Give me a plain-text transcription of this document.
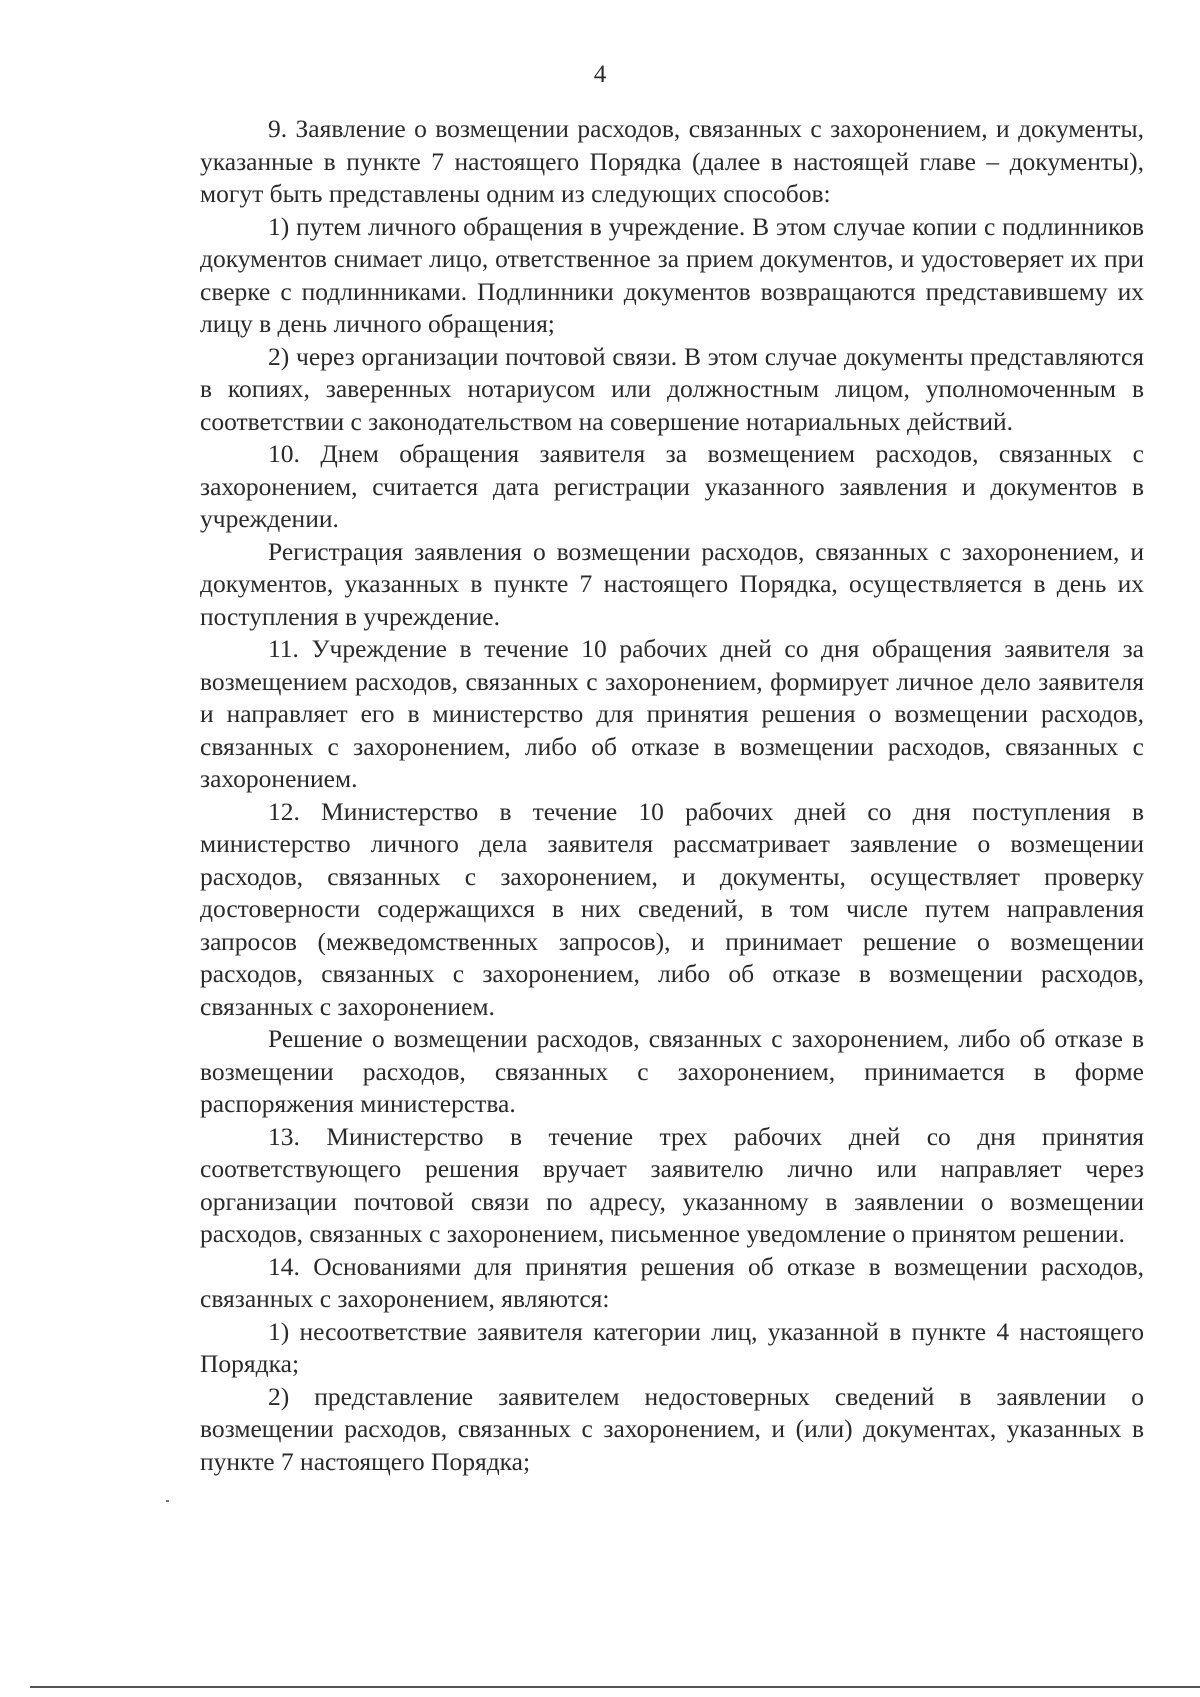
4

9. Заявление о возмещении расходов, связанных с захоронением, и документы, указанные в пункте 7 настоящего Порядка (далее в настоящей главе – документы), могут быть представлены одним из следующих способов:

1) путем личного обращения в учреждение. В этом случае копии с подлинников документов снимает лицо, ответственное за прием документов, и удостоверяет их при сверке с подлинниками. Подлинники документов возвращаются представившему их лицу в день личного обращения;

2) через организации почтовой связи. В этом случае документы представляются в копиях, заверенных нотариусом или должностным лицом, уполномоченным в соответствии с законодательством на совершение нотариальных действий.

10. Днем обращения заявителя за возмещением расходов, связанных с захоронением, считается дата регистрации указанного заявления и документов в учреждении.

Регистрация заявления о возмещении расходов, связанных с захоронением, и документов, указанных в пункте 7 настоящего Порядка, осуществляется в день их поступления в учреждение.

11. Учреждение в течение 10 рабочих дней со дня обращения заявителя за возмещением расходов, связанных с захоронением, формирует личное дело заявителя и направляет его в министерство для принятия решения о возмещении расходов, связанных с захоронением, либо об отказе в возмещении расходов, связанных с захоронением.

12. Министерство в течение 10 рабочих дней со дня поступления в министерство личного дела заявителя рассматривает заявление о возмещении расходов, связанных с захоронением, и документы, осуществляет проверку достоверности содержащихся в них сведений, в том числе путем направления запросов (межведомственных запросов), и принимает решение о возмещении расходов, связанных с захоронением, либо об отказе в возмещении расходов, связанных с захоронением.

Решение о возмещении расходов, связанных с захоронением, либо об отказе в возмещении расходов, связанных с захоронением, принимается в форме распоряжения министерства.

13. Министерство в течение трех рабочих дней со дня принятия соответствующего решения вручает заявителю лично или направляет через организации почтовой связи по адресу, указанному в заявлении о возмещении расходов, связанных с захоронением, письменное уведомление о принятом решении.

14. Основаниями для принятия решения об отказе в возмещении расходов, связанных с захоронением, являются:

1) несоответствие заявителя категории лиц, указанной в пункте 4 настоящего Порядка;

2) представление заявителем недостоверных сведений в заявлении о возмещении расходов, связанных с захоронением, и (или) документах, указанных в пункте 7 настоящего Порядка;
